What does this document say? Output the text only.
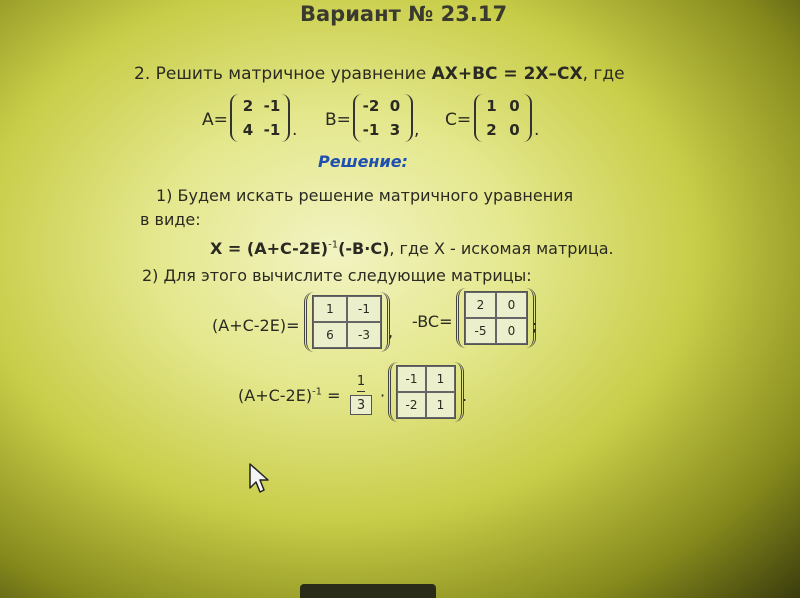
Вариант № 23.17
2. Решить матричное уравнение AX+BC = 2X–CX, где
A=
2 -1
4 -1 . B=
-2 0
-1 3 , C=
1 0
2 0 .
Решение:
1) Будем искать решение матричного уравнения
в виде:
$X = (A+C-2E)^{-1}(-B\cdot C)$, где X - искомая матрица.
2) Для этого вычислите следующие матрицы:
(A+C-2E)=
1	-1
6	-3	,
-BC=
2	0
-5	0	;
$(A+C-2E)^{-1} = \frac{1}{3}$ ·
-1	1
-2	1	.
